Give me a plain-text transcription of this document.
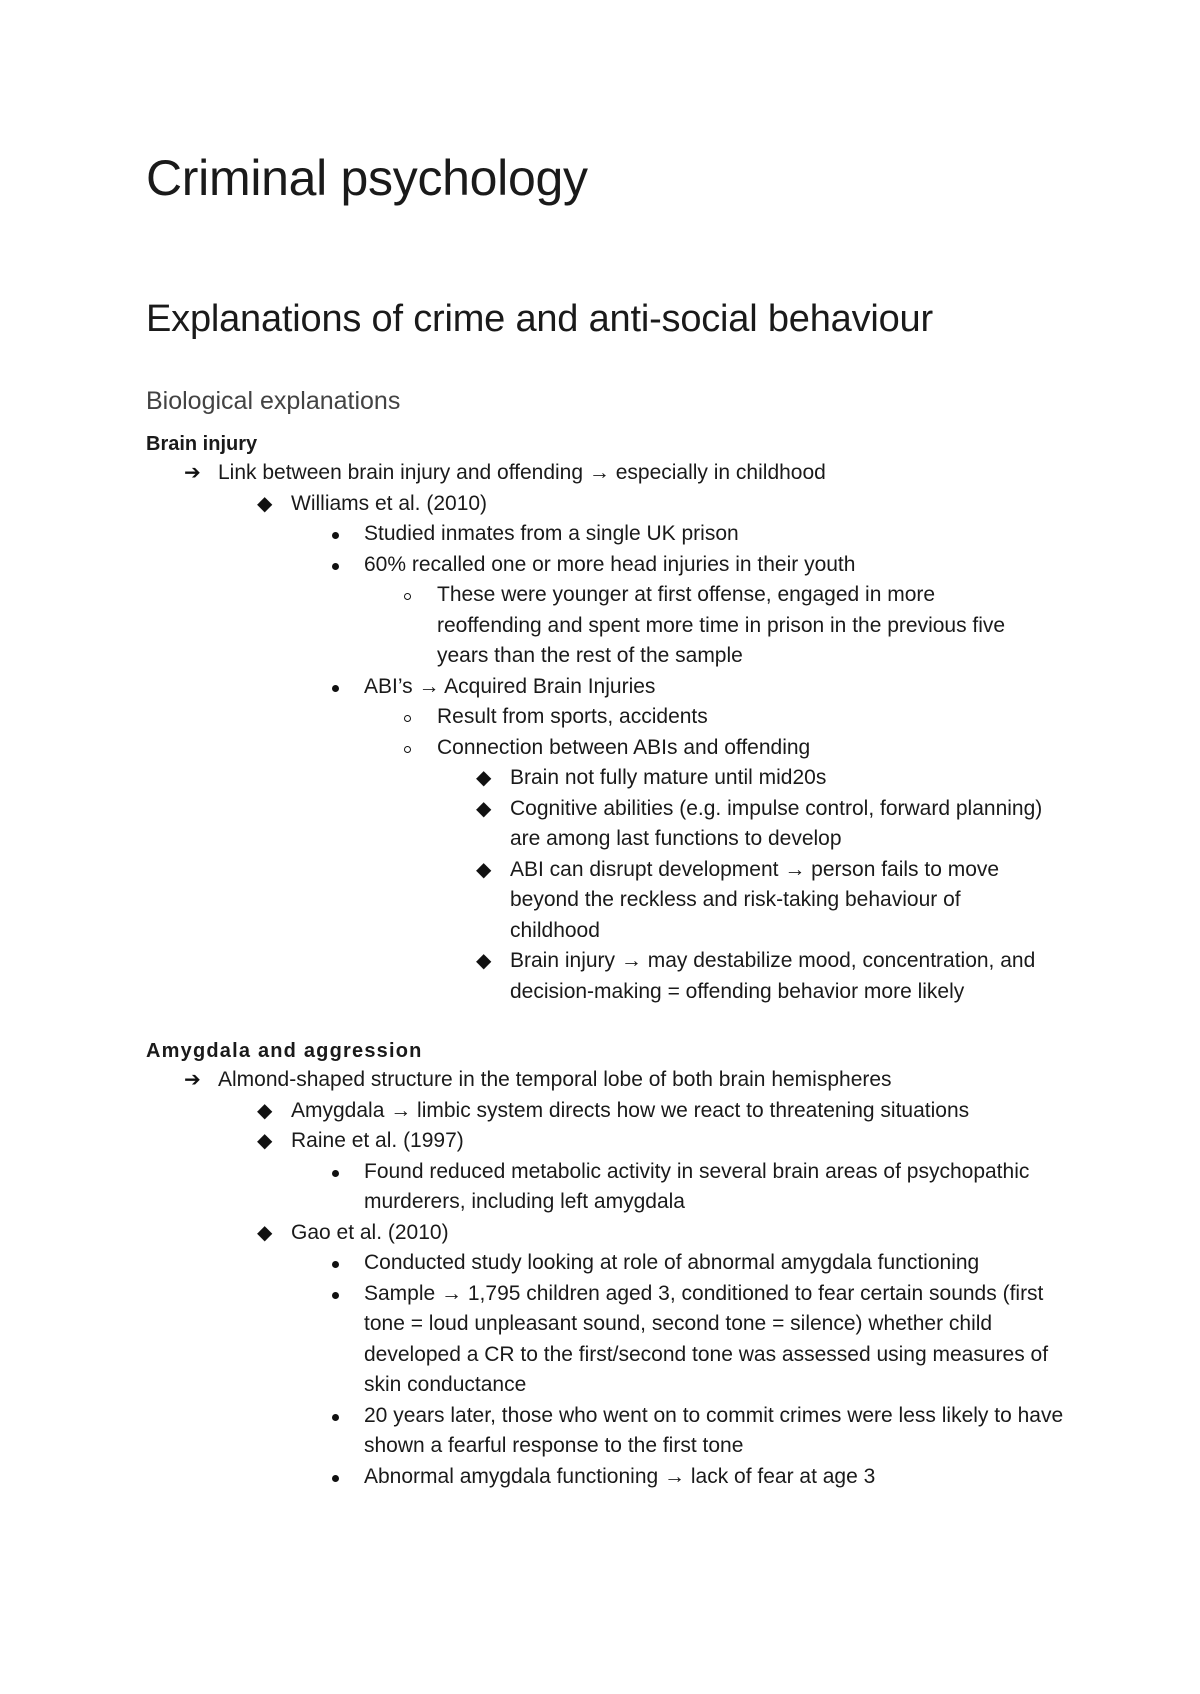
Criminal psychology
Explanations of crime and anti-social behaviour
Biological explanations

Brain injury

➔ Link between brain injury and offending → especially in childhood
◆ Williams et al. (2010)
Studied inmates from a single UK prison
60% recalled one or more head injuries in their youth
These were younger at first offense, engaged in more reoffending and spent more time in prison in the previous five years than the rest of the sample
ABI’s → Acquired Brain Injuries
Result from sports, accidents
Connection between ABIs and offending
◆ Brain not fully mature until mid20s
◆ Cognitive abilities (e.g. impulse control, forward planning) are among last functions to develop
◆ ABI can disrupt development → person fails to move beyond the reckless and risk-taking behaviour of childhood
◆ Brain injury → may destabilize mood, concentration, and decision-making = offending behavior more likely

Amygdala and aggression

➔ Almond-shaped structure in the temporal lobe of both brain hemispheres
◆ Amygdala → limbic system directs how we react to threatening situations
◆ Raine et al. (1997)
Found reduced metabolic activity in several brain areas of psychopathic murderers, including left amygdala
◆ Gao et al. (2010)
Conducted study looking at role of abnormal amygdala functioning
Sample → 1,795 children aged 3, conditioned to fear certain sounds (first tone = loud unpleasant sound, second tone = silence) whether child developed a CR to the first/second tone was assessed using measures of skin conductance
20 years later, those who went on to commit crimes were less likely to have shown a fearful response to the first tone
Abnormal amygdala functioning → lack of fear at age 3
